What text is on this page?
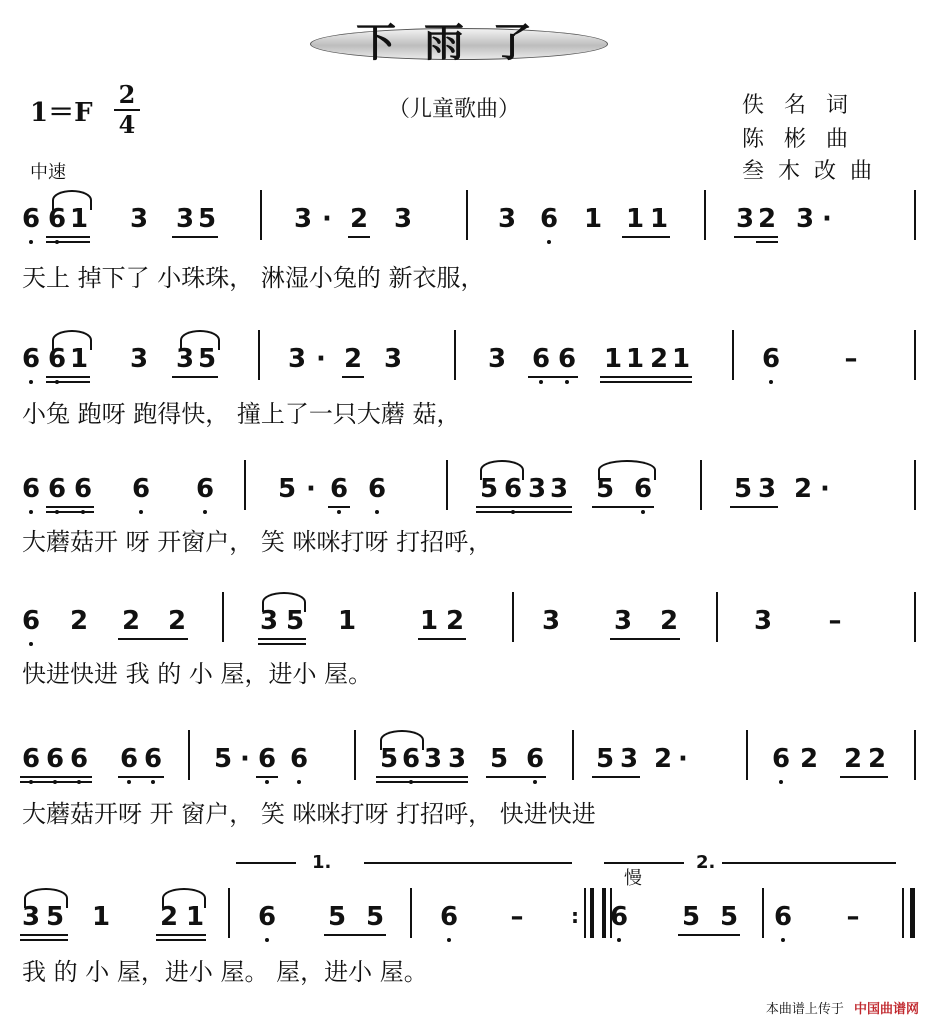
下雨了
1＝F
2
4
（儿童歌曲）	佚名词
陈彬曲
叁木改曲
中速
6 6 1 3 3 5	3 · 2 3	3 6 1 1 1	3 2 3 ·
天上 掉下了 小珠珠， 淋湿小兔的 新衣服，
6 6 1 3 3 5	3 · 2 3	3 6 6 1 1 2 1	6 –
小兔 跑呀 跑得快， 撞上了一只大蘑 菇，
6 6 6 6 6 5 · 6 6	5 6 3 3 5 6	5 3 2 ·
大蘑菇开 呀 开窗户， 笑 咪咪打呀 打招呼，
6 2 2 2	3 5 1 1 2	3 3 2	3 –
快进快进 我 的 小 屋，进小 屋。
6 6 6 6 6 5 · 6 6	5 6 3 3 5 6 5 3 2 ·	6 2 2 2
大蘑菇开呀 开 窗户， 笑 咪咪打呀 打招呼， 快进快进
1.
慢
2.
3 5 1 2 1 6 5 5 6 – : 6 5 5 6 –
我 的 小 屋，进小 屋。 屋，进小 屋。
本曲谱上传于 中国曲谱网
